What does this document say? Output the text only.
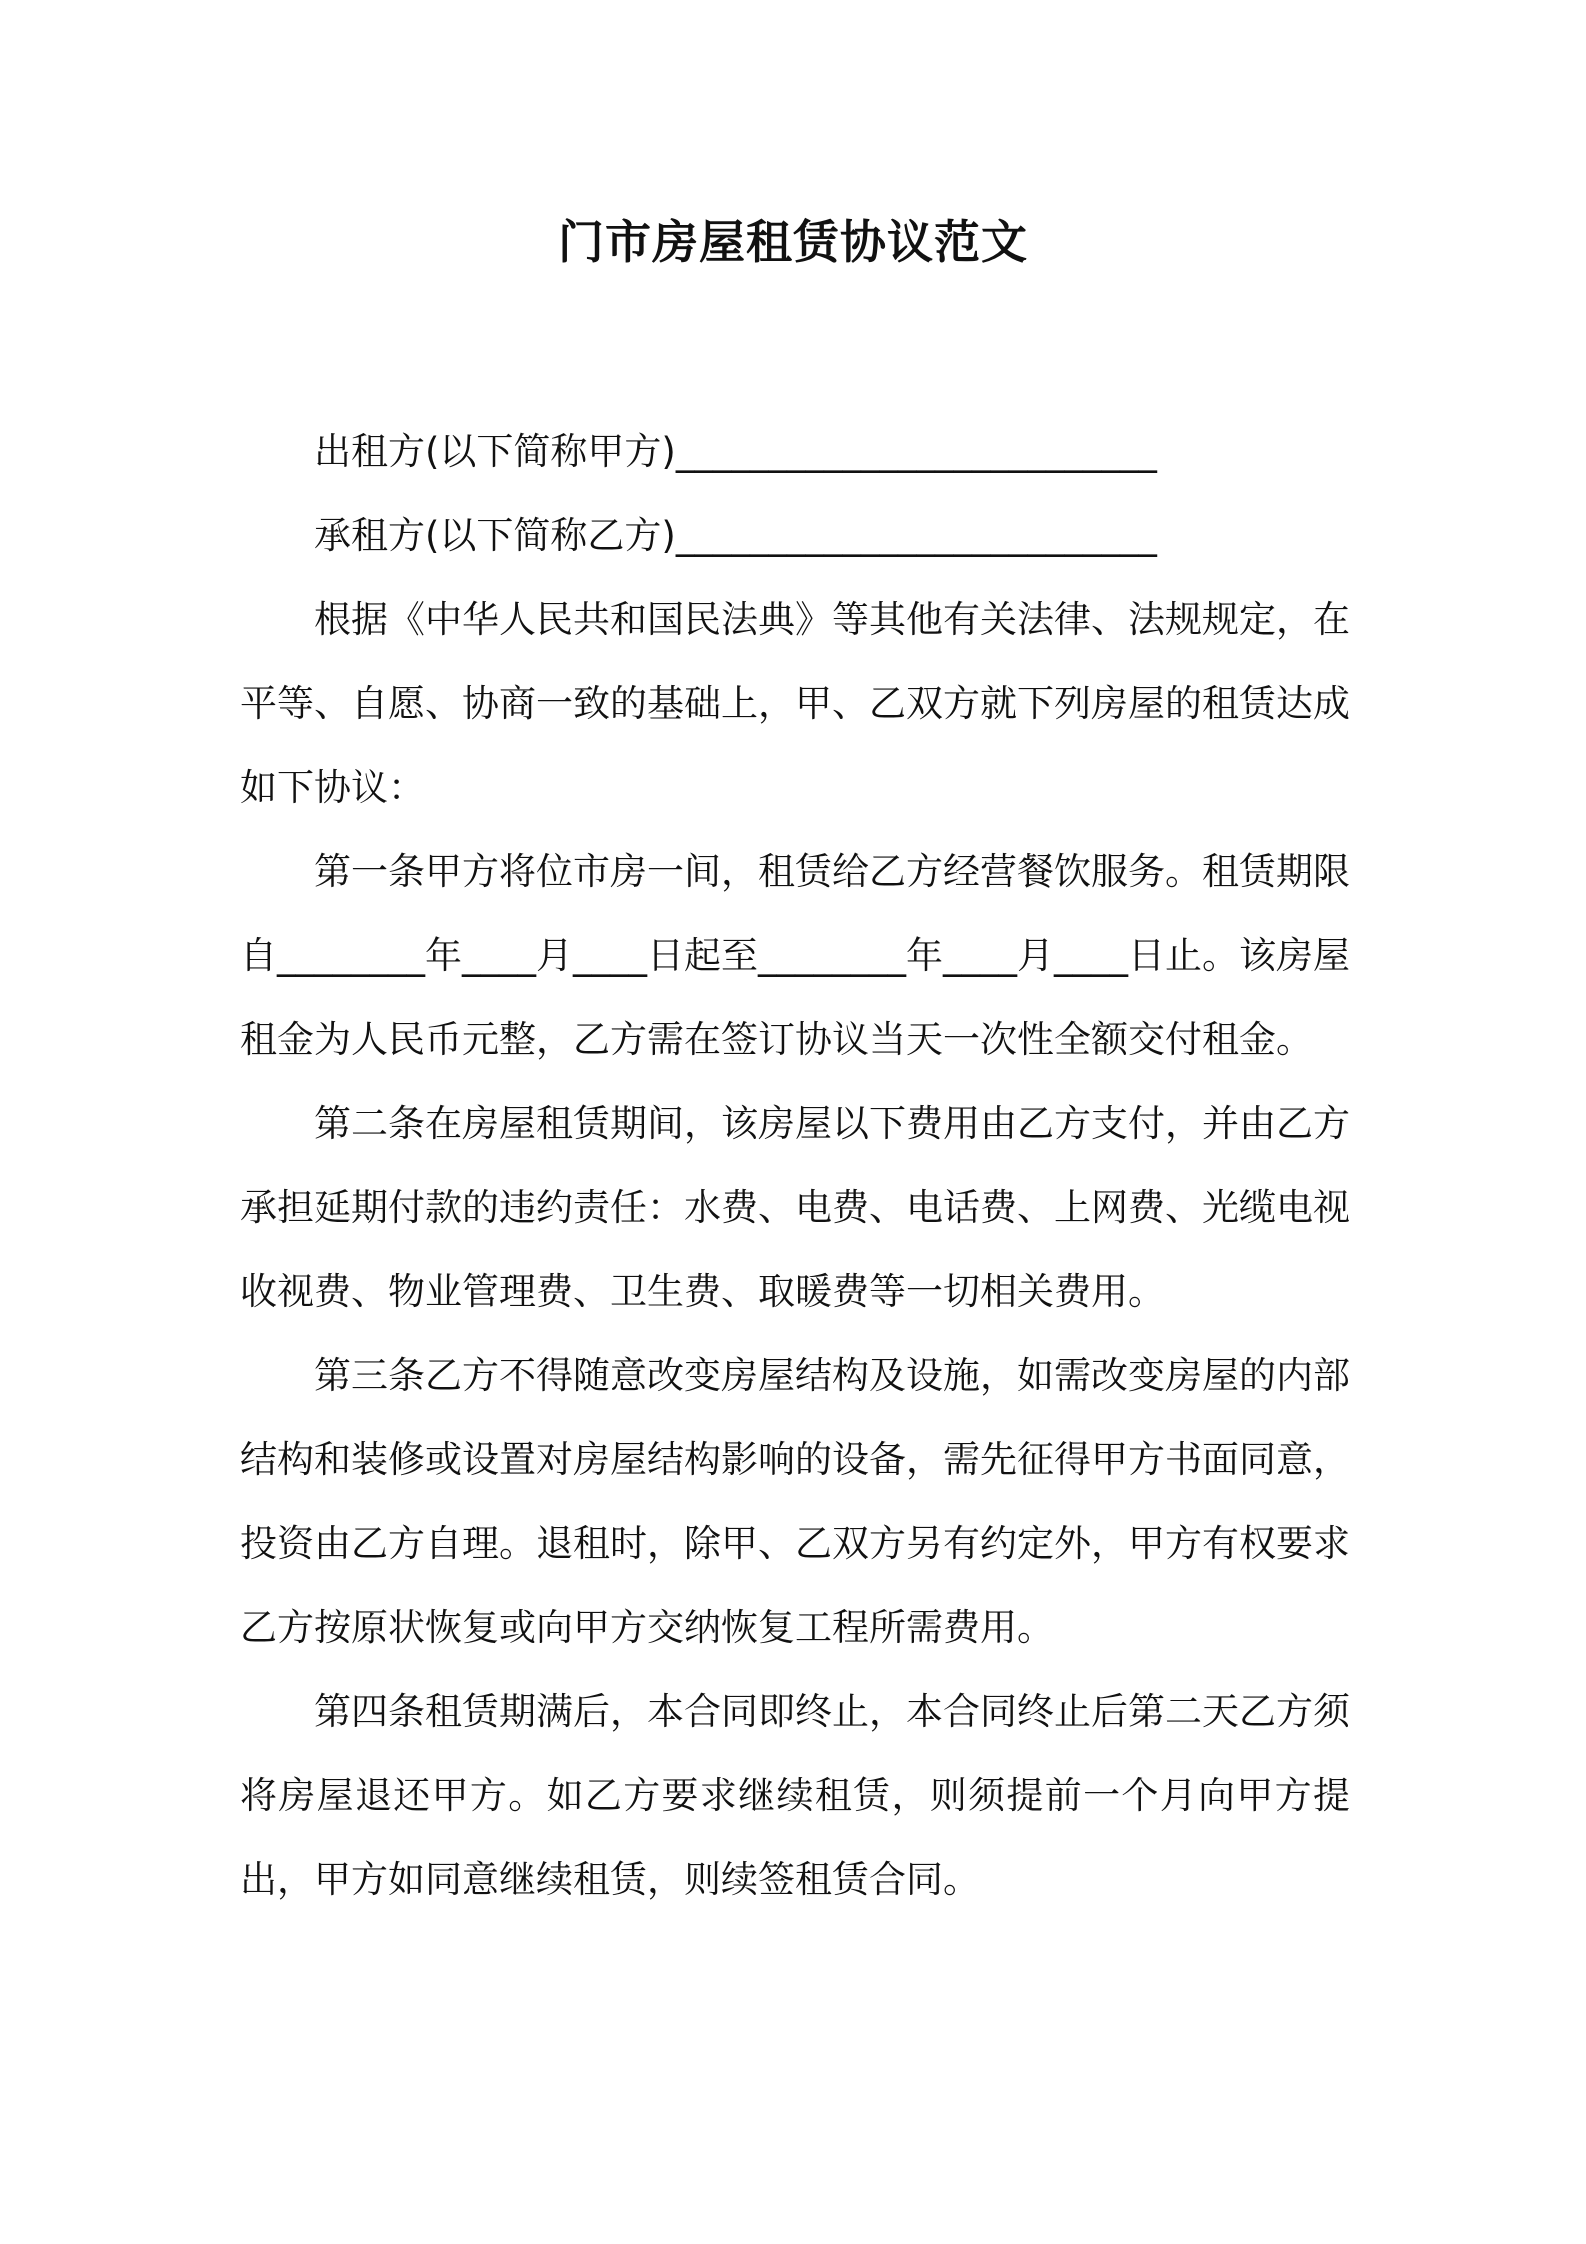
门市房屋租赁协议范文

出租方(以下简称甲方)__________________________

承租方(以下简称乙方)__________________________

根据《中华人民共和国民法典》等其他有关法律、法规规定，在平等、自愿、协商一致的基础上，甲、乙双方就下列房屋的租赁达成如下协议：

第一条甲方将位市房一间，租赁给乙方经营餐饮服务。租赁期限自________年____月____日起至________年____月____日止。该房屋租金为人民币元整，乙方需在签订协议当天一次性全额交付租金。

第二条在房屋租赁期间，该房屋以下费用由乙方支付，并由乙方承担延期付款的违约责任：水费、电费、电话费、上网费、光缆电视收视费、物业管理费、卫生费、取暖费等一切相关费用。

第三条乙方不得随意改变房屋结构及设施，如需改变房屋的内部结构和装修或设置对房屋结构影响的设备，需先征得甲方书面同意，投资由乙方自理。退租时，除甲、乙双方另有约定外，甲方有权要求乙方按原状恢复或向甲方交纳恢复工程所需费用。

第四条租赁期满后，本合同即终止，本合同终止后第二天乙方须将房屋退还甲方。如乙方要求继续租赁，则须提前一个月向甲方提出，甲方如同意继续租赁，则续签租赁合同。
